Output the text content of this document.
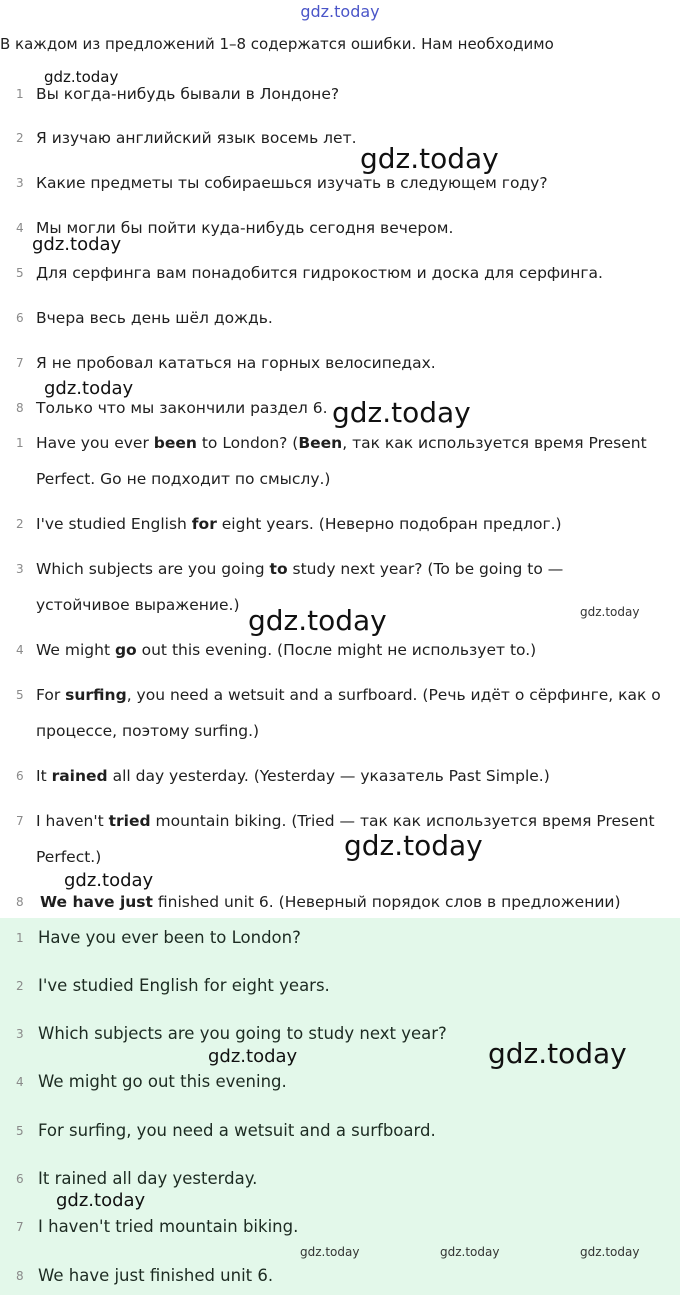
gdz.today
В каждом из предложений 1–8 содержатся ошибки. Нам необходимо
1 Вы когда-нибудь бывали в Лондоне?
2 Я изучаю английский язык восемь лет.
3 Какие предметы ты собираешься изучать в следующем году?
4 Мы могли бы пойти куда-нибудь сегодня вечером.
5 Для серфинга вам понадобится гидрокостюм и доска для серфинга.
6 Вчера весь день шёл дождь.
7 Я не пробовал кататься на горных велосипедах.
8 Только что мы закончили раздел 6.
1 Have you ever been to London? (Been, так как используется время Present
Perfect. Go не подходит по смыслу.)
2 I've studied English for eight years. (Неверно подобран предлог.)
3 Which subjects are you going to study next year? (To be going to —
устойчивое выражение.)
4 We might go out this evening. (После might не использует to.)
5 For surfing, you need a wetsuit and a surfboard. (Речь идёт о сёрфинге, как о
процессе, поэтому surfing.)
6 It rained all day yesterday. (Yesterday — указатель Past Simple.)
7 I haven't tried mountain biking. (Tried — так как используется время Present
Perfect.)
8 We have just finished unit 6. (Неверный порядок слов в предложении)
1 Have you ever been to London?
2 I've studied English for eight years.
3 Which subjects are you going to study next year?
4 We might go out this evening.
5 For surfing, you need a wetsuit and a surfboard.
6 It rained all day yesterday.
7 I haven't tried mountain biking.
8 We have just finished unit 6.
gdz.today
gdz.today
gdz.today
gdz.today
gdz.today
gdz.today	gdz.today
gdz.today
gdz.today
gdz.today
gdz.today
gdz.today
gdz.today	gdz.today	gdz.today
